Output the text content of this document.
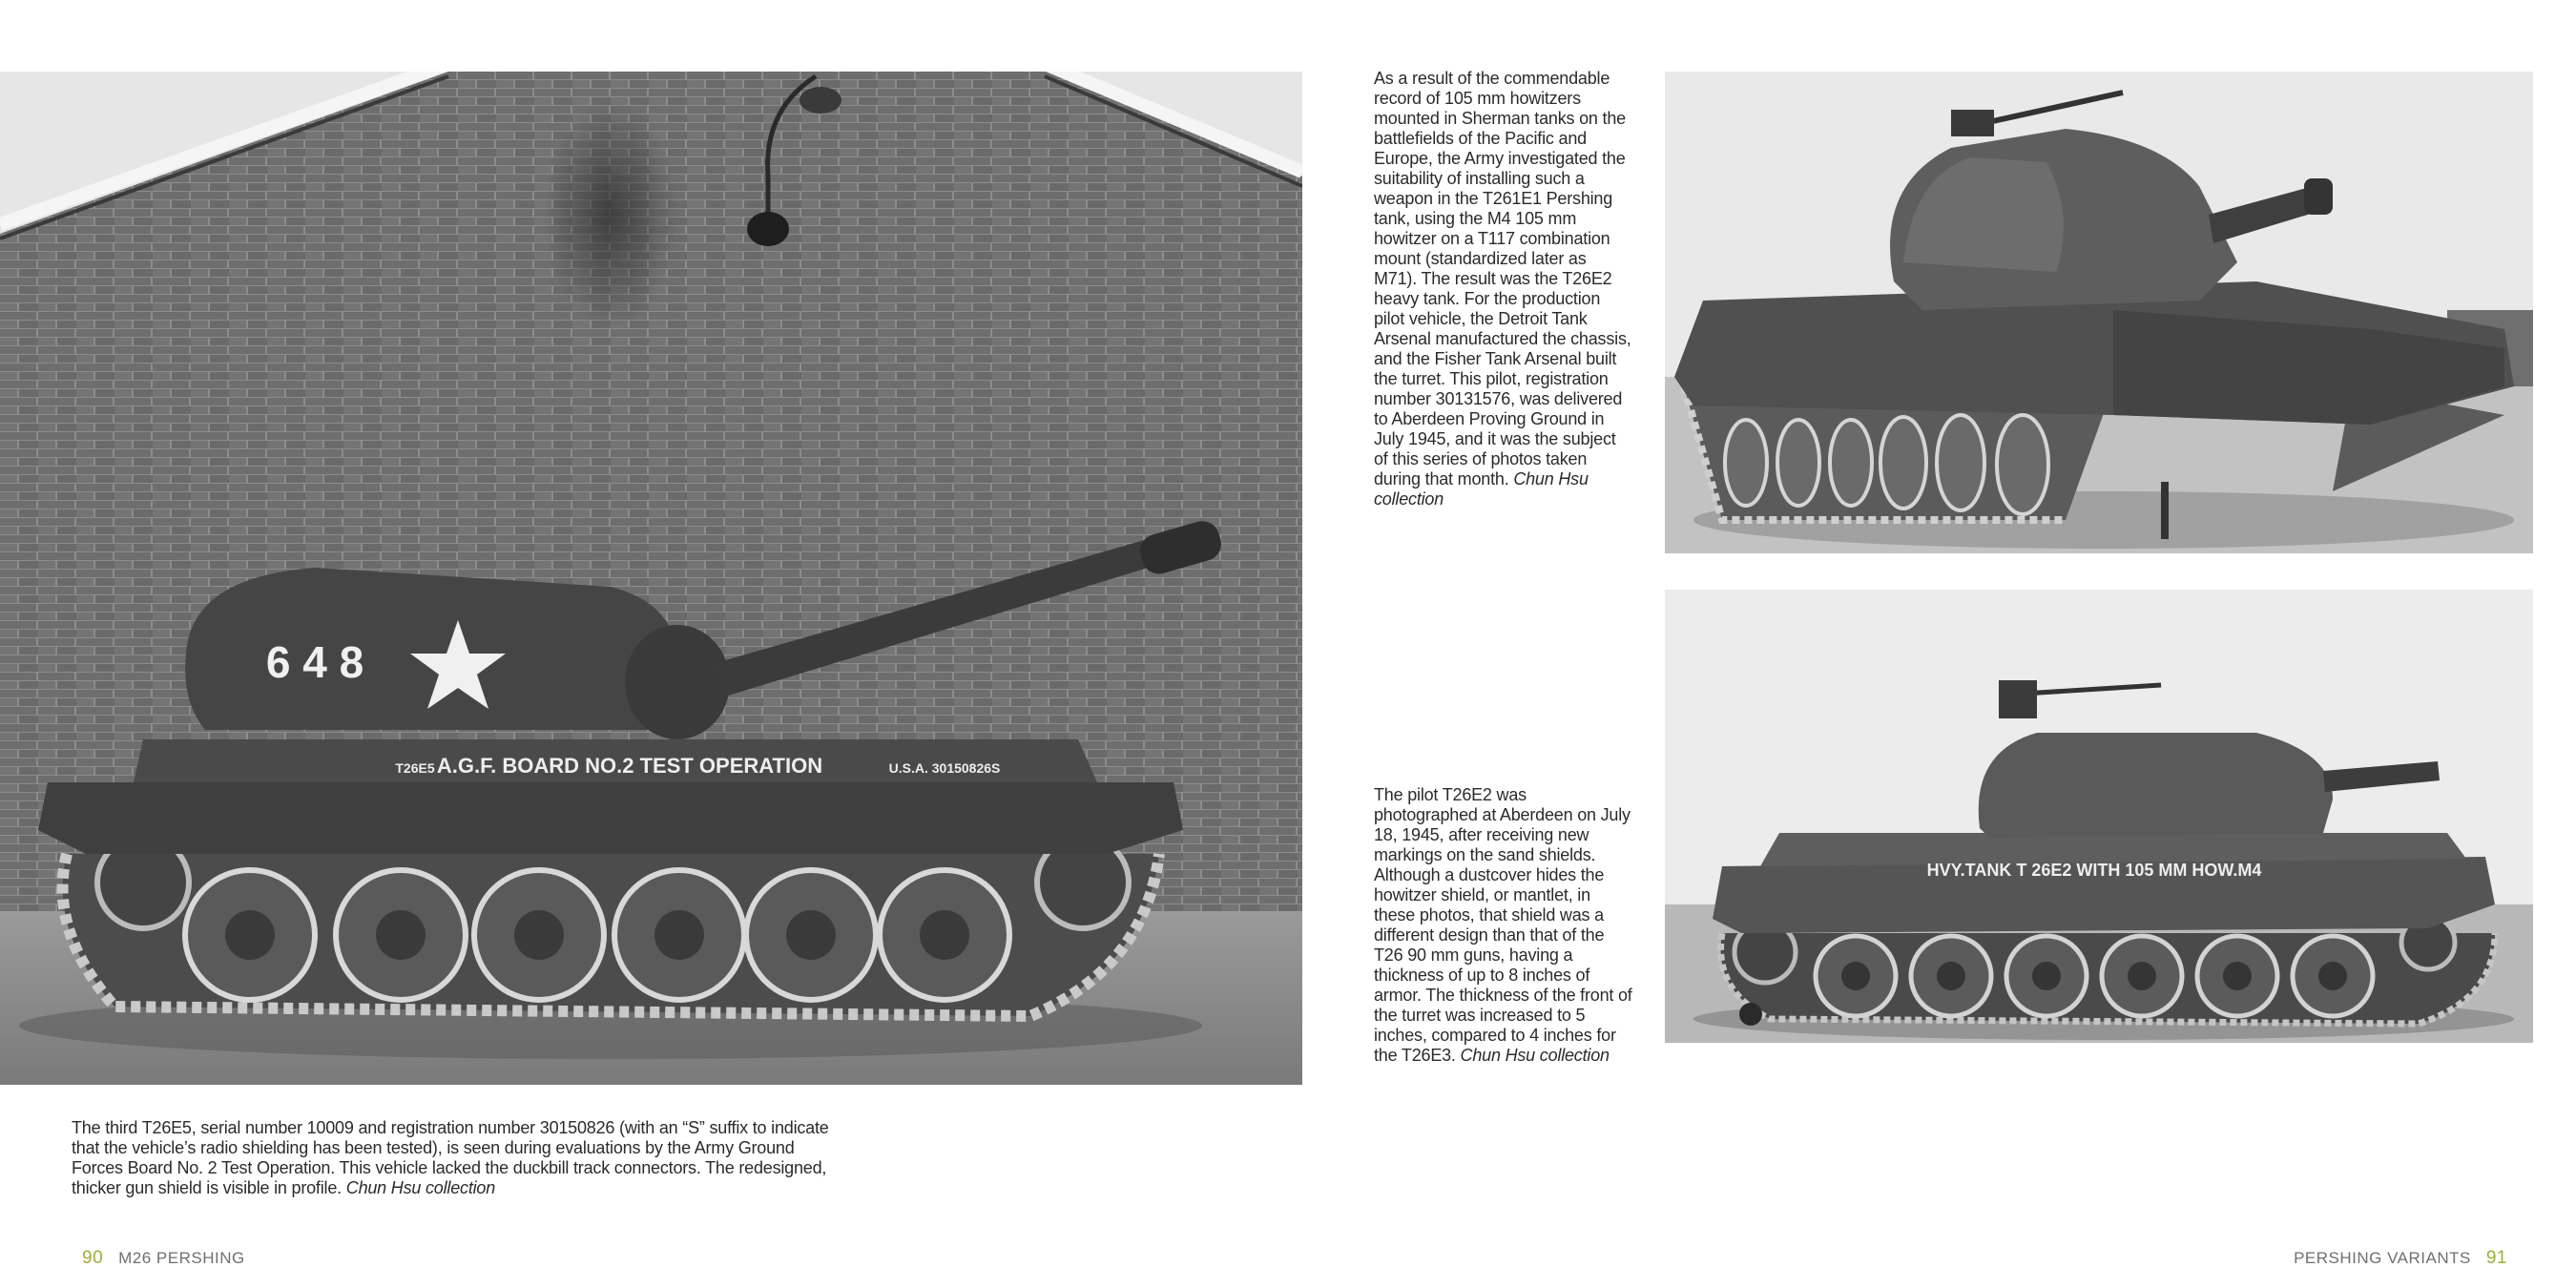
6 4 8
A.G.F. BOARD NO.2 TEST OPERATION	U.S.A. 30150826S
T26E5
HVY.TANK T 26E2 WITH 105 MM HOW.M4
The third T26E5, serial number 10009 and registration number 30150826 (with an “S” suffix to indicate that the vehicle’s radio shielding has been tested), is seen during evaluations by the Army Ground Forces Board No. 2 Test Operation. This vehicle lacked the duckbill track connectors. The redesigned, thicker gun shield is visible in profile. Chun Hsu collection
As a result of the commendable record of 105 mm howitzers mounted in Sherman tanks on the battlefields of the Pacific and Europe, the Army investigated the suitability of installing such a weapon in the T261E1 Pershing tank, using the M4 105 mm howitzer on a T117 combination mount (standardized later as M71). The result was the T26E2 heavy tank. For the production pilot vehicle, the Detroit Tank Arsenal manufactured the chassis, and the Fisher Tank Arsenal built the turret. This pilot, registration number 30131576, was delivered to Aberdeen Proving Ground in July 1945, and it was the subject of this series of photos taken during that month. Chun Hsu collection
The pilot T26E2 was photographed at Aberdeen on July 18, 1945, after receiving new markings on the sand shields. Although a dustcover hides the howitzer shield, or mantlet, in these photos, that shield was a different design than that of the T26 90 mm guns, having a thickness of up to 8 inches of armor. The thickness of the front of the turret was increased to 5 inches, compared to 4 inches for the T26E3. Chun Hsu collection
90 M26 PERSHING	PERSHING VARIANTS 91
